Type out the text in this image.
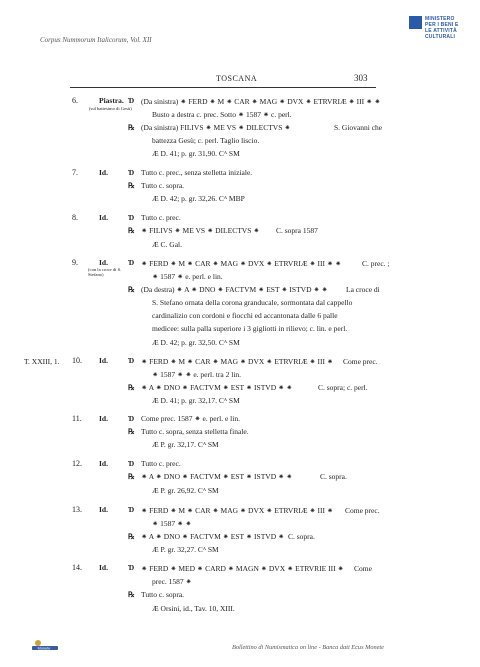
Corpus Nummorum Italicorum, Vol. XII
MINISTERO
PER I BENI E
LE ATTIVITÀ
CULTURALI
TOSCANA	303
6.	Piastra.
(sul battesimo di Gesù)
Ɗ (Da sinistra) ⁕ FERD ⁕ M ⁕ CAR ⁕ MAG ⁕ DVX ⁕ ETRVRIÆ ⁕ III ⁕ ⁕
Busto a destra c. prec. Sotto ⁕ 1587 ⁕ c. perl.
℞ (Da sinistra) FILIVS ⁕ ME VS ⁕ DILECTVS ⁕	S. Giovanni che
battezza Gesù; c. perl. Taglio liscio.
Æ D. 41; p. gr. 31,90. Cᴬ SM
7.	Id.	Ɗ Tutto c. prec., senza stelletta iniziale.
℞ Tutto c. sopra.
Æ D. 42; p. gr. 32,26. Cᴬ MBP
8.	Id.	Ɗ Tutto c. prec.
℞ ⁕ FILIVS ⁕ ME VS ⁕ DILECTVS ⁕ C. sopra 1587
Æ C. Gal.
9.	Id.
(con la croce di S. Stefano)
Ɗ ⁕ FERD ⁕ M ⁕ CAR ⁕ MAG ⁕ DVX ⁕ ETRVRIÆ ⁕ III ⁕ ⁕	C. prec. ;
⁕ 1587 ⁕ e. perl. e lin.
℞ (Da destra) ⁕ A ⁕ DNO ⁕ FACTVM ⁕ EST ⁕ ISTVD ⁕ ⁕ La croce di
S. Stefano ornata della corona granducale, sormontata dal cappello
cardinalizio con cordoni e fiocchi ed accantonata dalle 6 palle
medicee: sulla palla superiore i 3 gigliotti in rilievo; c. lin. e perl.
Æ D. 42; p. gr. 32,50. Cᴬ SM
T. XXIII, 1. 10. Id.	Ɗ ⁕ FERD ⁕ M ⁕ CAR ⁕ MAG ⁕ DVX ⁕ ETRVRIÆ ⁕ III ⁕ Come prec.
⁕ 1587 ⁕ ⁕ e. perl. tra 2 lin.
℞ ⁕ A ⁕ DNO ⁕ FACTVM ⁕ EST ⁕ ISTVD ⁕ ⁕	C. sopra; c. perl.
Æ D. 41; p. gr. 32,17. Cᴬ SM
11. Id.	Ɗ Come prec. 1587 ⁕ e. perl. e lin.
℞ Tutto c. sopra, senza stelletta finale.
Æ P. gr. 32,17. Cᴬ SM
12. Id.	Ɗ Tutto c. prec.
℞ ⁕ A ⁕ DNO ⁕ FACTVM ⁕ EST ⁕ ISTVD ⁕ ⁕	C. sopra.
Æ P. gr. 26,92. Cᴬ SM
13. Id.	Ɗ ⁕ FERD ⁕ M ⁕ CAR ⁕ MAG ⁕ DVX ⁕ ETRVRIÆ ⁕ III ⁕ Come prec.
⁕ 1587 ⁕ ⁕
℞ ⁕ A ⁕ DNO ⁕ FACTVM ⁕ EST ⁕ ISTVD ⁕ C. sopra.
Æ P. gr. 32,27. Cᴬ SM
14. Id.	Ɗ ⁕ FERD ⁕ MED ⁕ CARD ⁕ MAGN ⁕ DVX ⁕ ETRVRIE III ⁕ Come
prec. 1587 ⁕
℞ Tutto c. sopra.
Æ Orsini, id., Tav. 10, XIII.
Monete	Bollettino di Numismatica on line - Banca dati Ecus Monete
